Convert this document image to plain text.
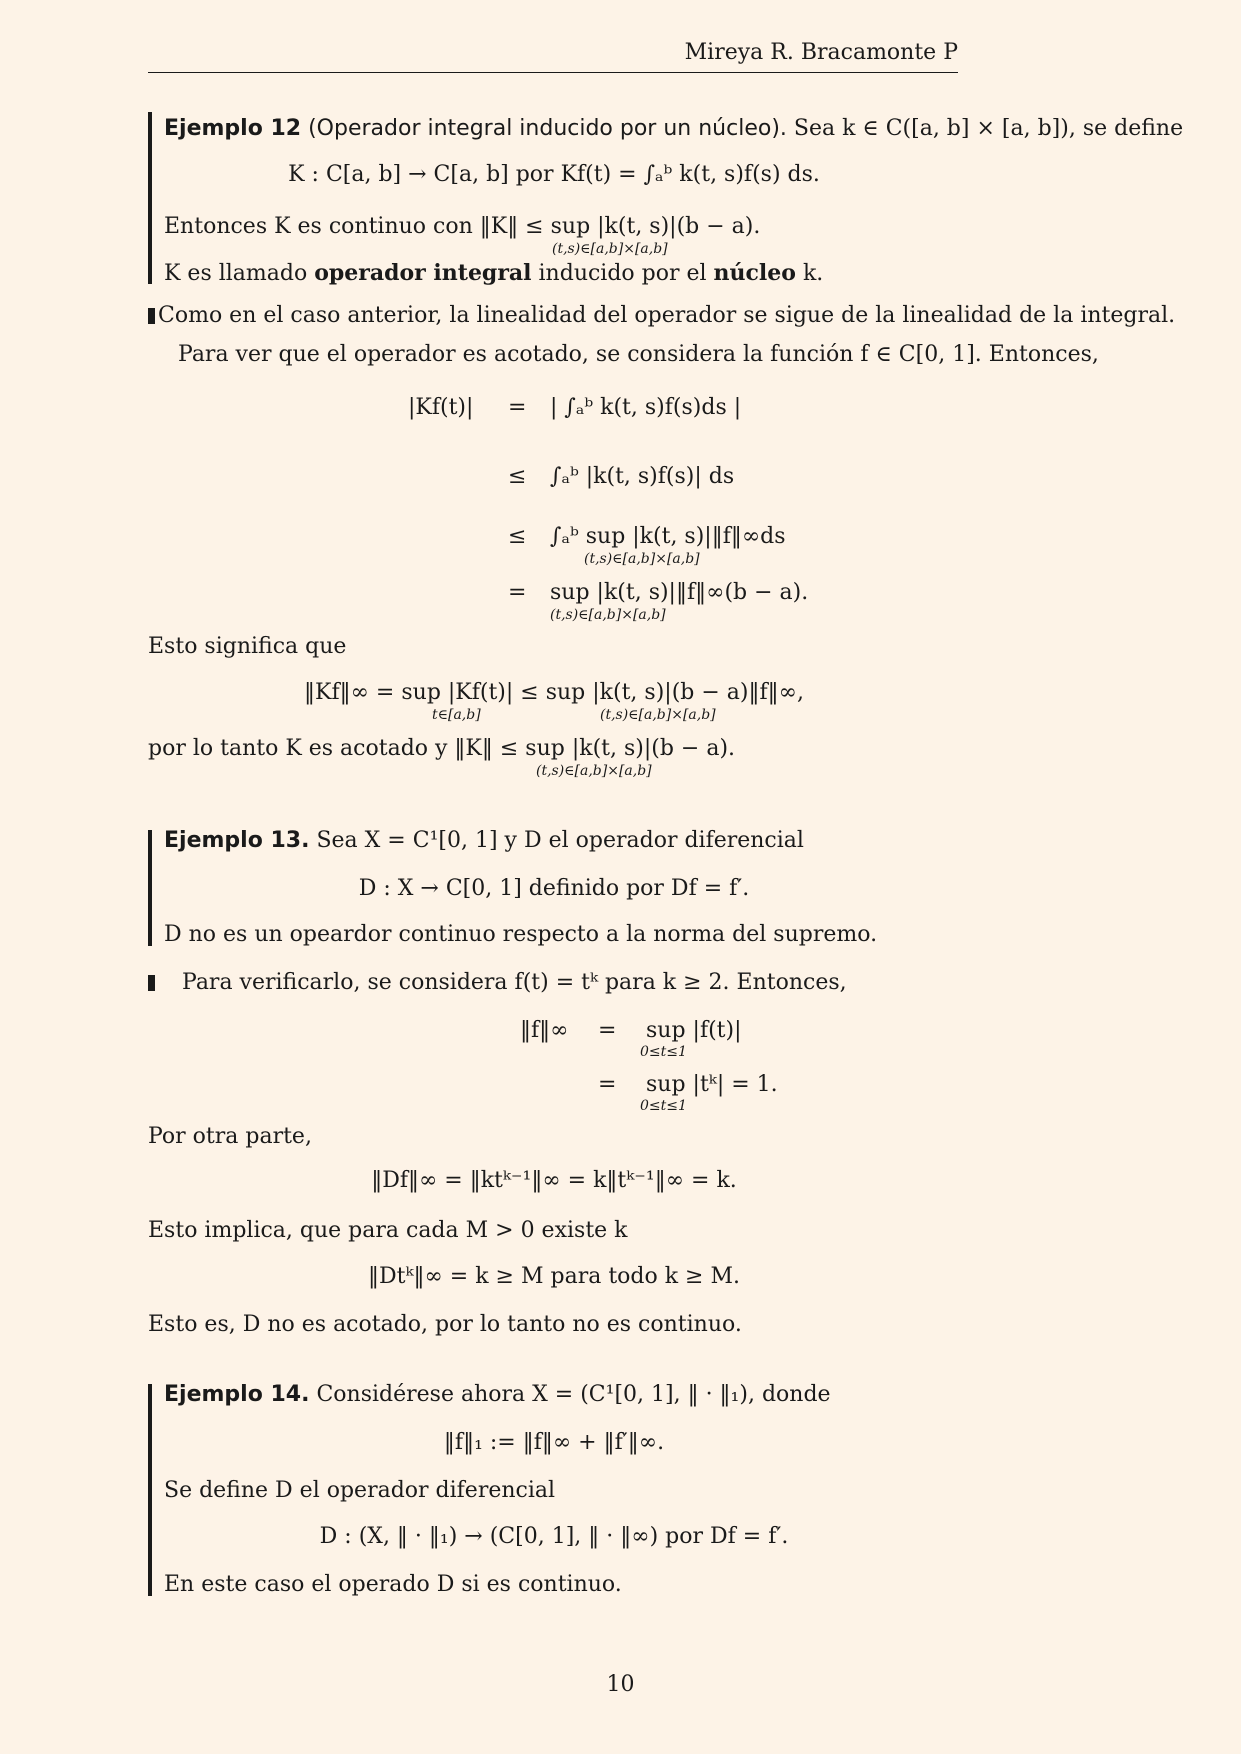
Mireya R. Bracamonte P
Ejemplo 12 (Operador integral inducido por un núcleo). Sea k ∈ C([a, b] × [a, b]), se define
K : C[a, b] → C[a, b] por Kf(t) = ∫ₐᵇ k(t, s)f(s) ds.
Entonces K es continuo con ‖K‖ ≤ sup |k(t, s)|(b − a).
(t,s)∈[a,b]×[a,b]
K es llamado operador integral inducido por el núcleo k.
Como en el caso anterior, la linealidad del operador se sigue de la linealidad de la integral.
Para ver que el operador es acotado, se considera la función f ∈ C[0, 1]. Entonces,
|Kf(t)| = | ∫ₐᵇ k(t, s)f(s)ds |
≤ ∫ₐᵇ |k(t, s)f(s)| ds
≤ ∫ₐᵇ sup |k(t, s)|‖f‖∞ds
(t,s)∈[a,b]×[a,b]
= sup |k(t, s)|‖f‖∞(b − a).
(t,s)∈[a,b]×[a,b]
Esto significa que
‖Kf‖∞ = sup |Kf(t)| ≤ sup |k(t, s)|(b − a)‖f‖∞,
t∈[a,b]	(t,s)∈[a,b]×[a,b]
por lo tanto K es acotado y ‖K‖ ≤ sup |k(t, s)|(b − a).
(t,s)∈[a,b]×[a,b]
Ejemplo 13. Sea X = C¹[0, 1] y D el operador diferencial
D : X → C[0, 1] definido por Df = f′.
D no es un opeardor continuo respecto a la norma del supremo.
Para verificarlo, se considera f(t) = tᵏ para k ≥ 2. Entonces,
‖f‖∞ = sup |f(t)|
0≤t≤1
= sup |tᵏ| = 1.
0≤t≤1
Por otra parte,
‖Df‖∞ = ‖ktᵏ⁻¹‖∞ = k‖tᵏ⁻¹‖∞ = k.
Esto implica, que para cada M > 0 existe k
‖Dtᵏ‖∞ = k ≥ M para todo k ≥ M.
Esto es, D no es acotado, por lo tanto no es continuo.
Ejemplo 14. Considérese ahora X = (C¹[0, 1], ‖ · ‖₁), donde
‖f‖₁ := ‖f‖∞ + ‖f′‖∞.
Se define D el operador diferencial
D : (X, ‖ · ‖₁) → (C[0, 1], ‖ · ‖∞) por Df = f′.
En este caso el operado D si es continuo.
10
